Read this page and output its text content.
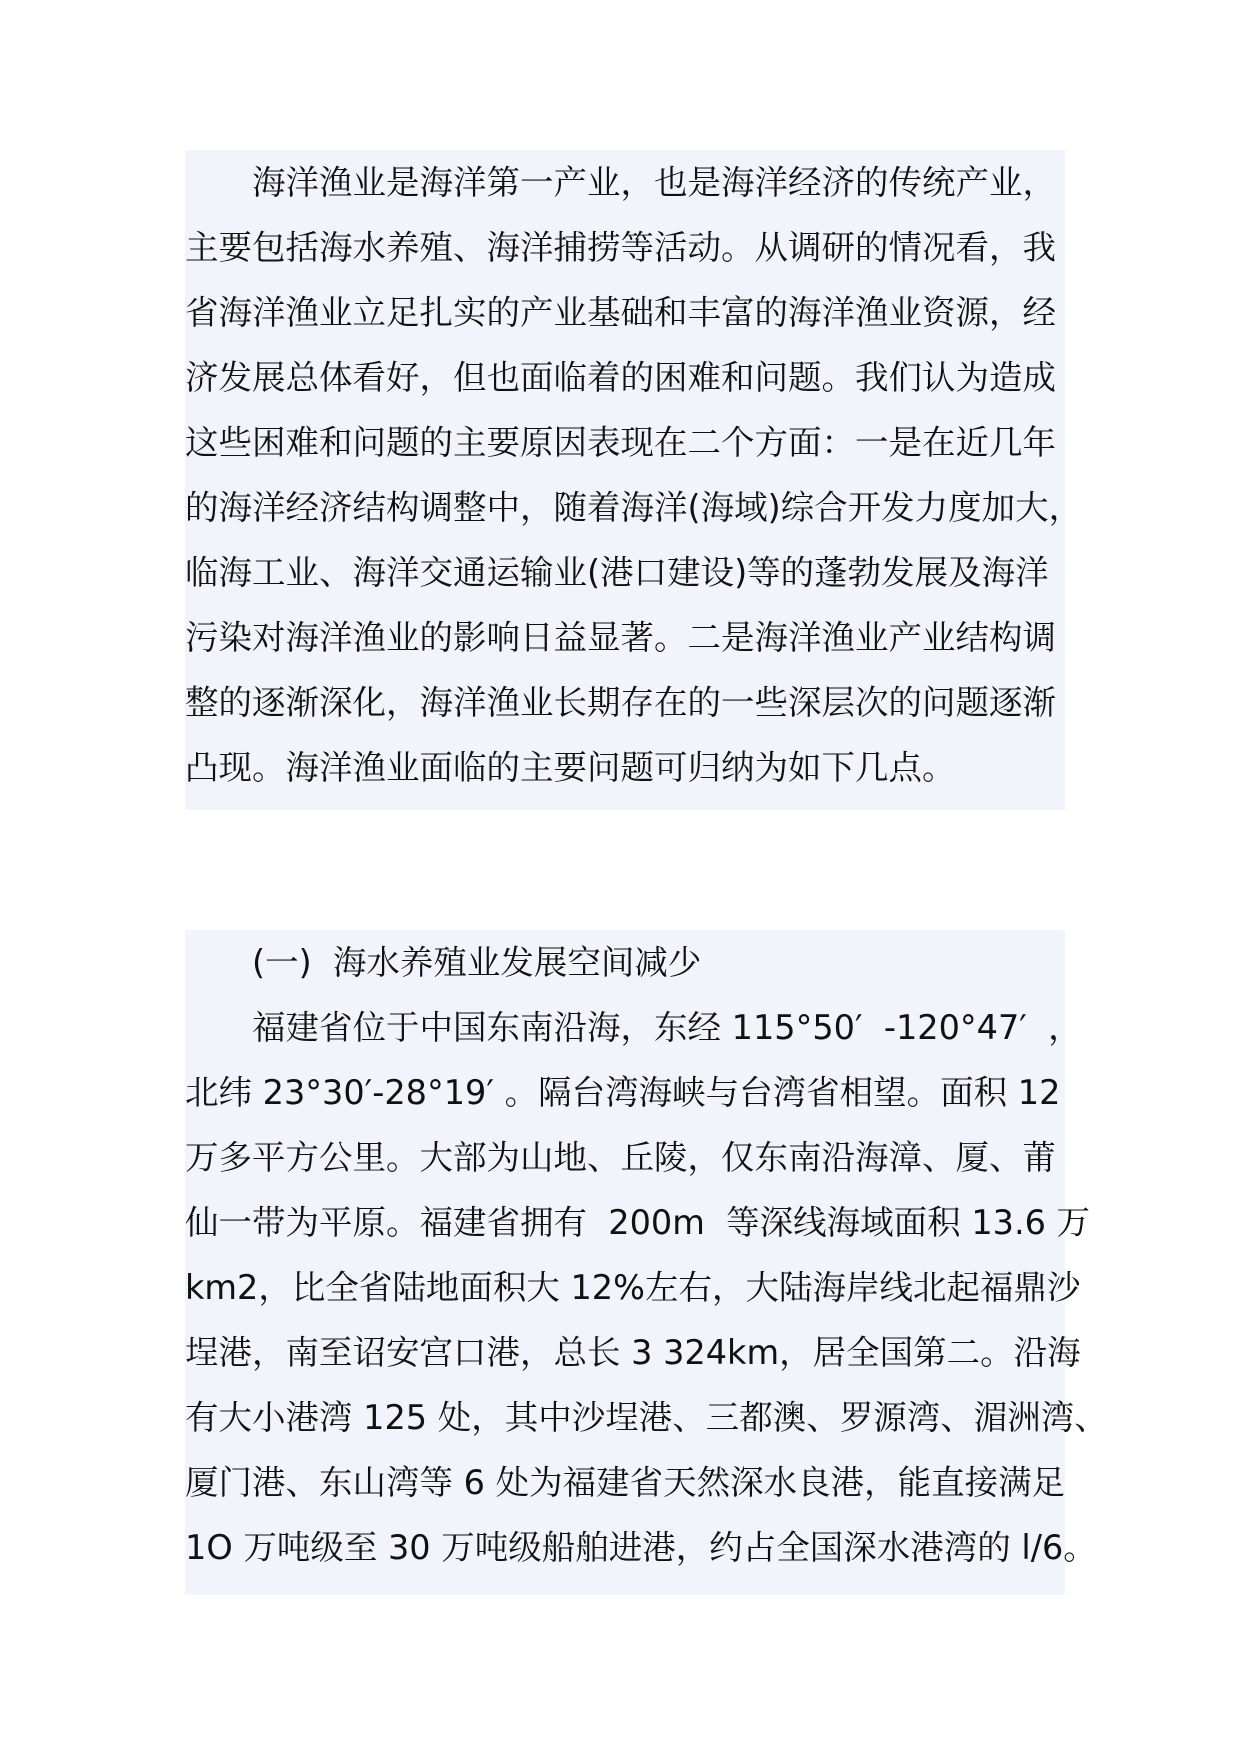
　　海洋渔业是海洋第一产业，也是海洋经济的传统产业，
主要包括海水养殖、海洋捕捞等活动。从调研的情况看，我
省海洋渔业立足扎实的产业基础和丰富的海洋渔业资源，经
济发展总体看好，但也面临着的困难和问题。我们认为造成
这些困难和问题的主要原因表现在二个方面：一是在近几年
的海洋经济结构调整中，随着海洋(海域)综合开发力度加大，
临海工业、海洋交通运输业(港口建设)等的蓬勃发展及海洋
污染对海洋渔业的影响日益显著。二是海洋渔业产业结构调
整的逐渐深化，海洋渔业长期存在的一些深层次的问题逐渐
凸现。海洋渔业面临的主要问题可归纳为如下几点。
　　(一)  海水养殖业发展空间减少
　　福建省位于中国东南沿海，东经 115°50′  -120°47′  ，
北纬 23°30′-28°19′ 。隔台湾海峡与台湾省相望。面积 12
万多平方公里。大部为山地、丘陵，仅东南沿海漳、厦、莆
仙一带为平原。福建省拥有  200m  等深线海域面积 13.6 万
km2，比全省陆地面积大 12%左右，大陆海岸线北起福鼎沙
埕港，南至诏安宫口港，总长 3 324km，居全国第二。沿海
有大小港湾 125 处，其中沙埕港、三都澳、罗源湾、湄洲湾、
厦门港、东山湾等 6 处为福建省天然深水良港，能直接满足
1O 万吨级至 30 万吨级船舶进港，约占全国深水港湾的 l/6。
